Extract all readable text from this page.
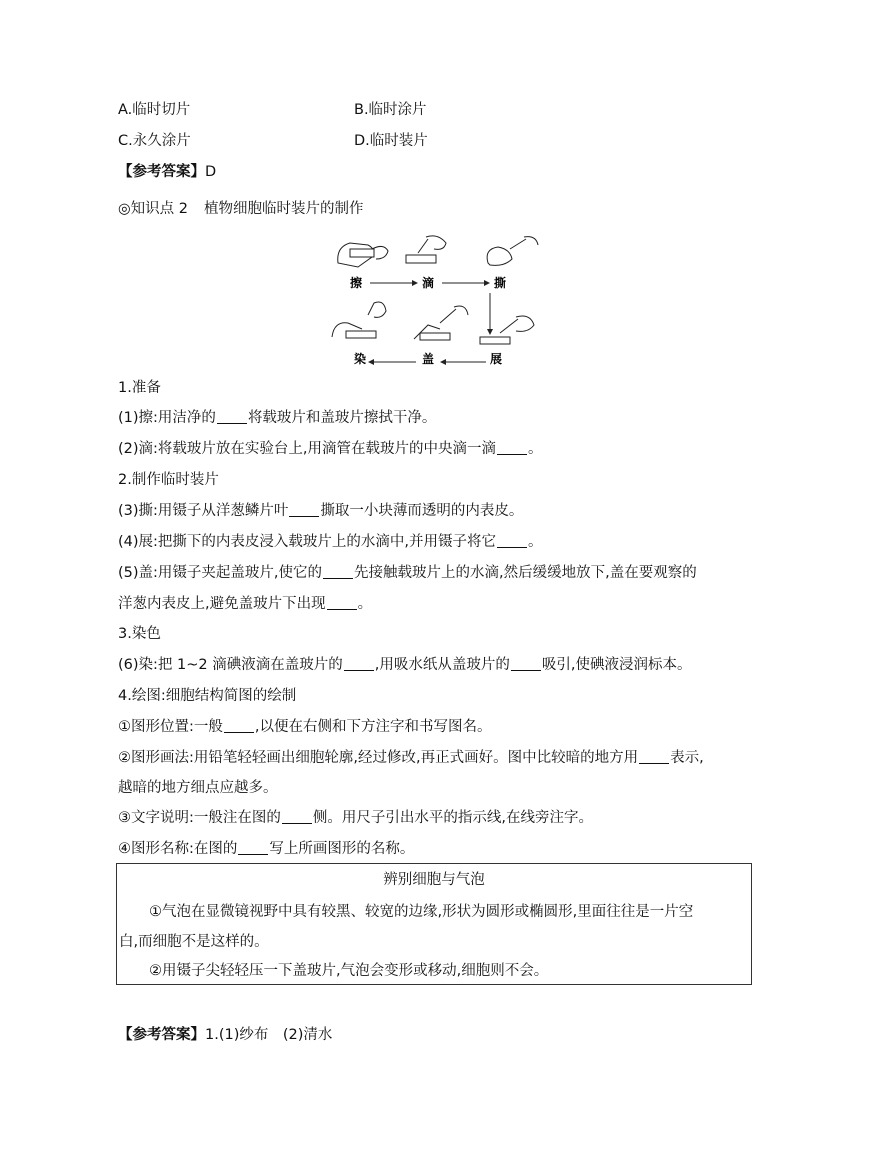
A.临时切片	B.临时涂片
C.永久涂片	D.临时装片
【参考答案】D
◎知识点 2 植物细胞临时装片的制作
擦	滴	撕
染	盖	展
1.准备
(1)擦:用洁净的 将载玻片和盖玻片擦拭干净。
(2)滴:将载玻片放在实验台上,用滴管在载玻片的中央滴一滴 。
2.制作临时装片
(3)撕:用镊子从洋葱鳞片叶 撕取一小块薄而透明的内表皮。
(4)展:把撕下的内表皮浸入载玻片上的水滴中,并用镊子将它 。
(5)盖:用镊子夹起盖玻片,使它的 先接触载玻片上的水滴,然后缓缓地放下,盖在要观察的
洋葱内表皮上,避免盖玻片下出现 。
3.染色
(6)染:把 1~2 滴碘液滴在盖玻片的 ,用吸水纸从盖玻片的 吸引,使碘液浸润标本。
4.绘图:细胞结构简图的绘制
①图形位置:一般 ,以便在右侧和下方注字和书写图名。
②图形画法:用铅笔轻轻画出细胞轮廓,经过修改,再正式画好。图中比较暗的地方用 表示,
越暗的地方细点应越多。
③文字说明:一般注在图的 侧。用尺子引出水平的指示线,在线旁注字。
④图形名称:在图的 写上所画图形的名称。
辨别细胞与气泡
①气泡在显微镜视野中具有较黑、较宽的边缘,形状为圆形或椭圆形,里面往往是一片空
白,而细胞不是这样的。
②用镊子尖轻轻压一下盖玻片,气泡会变形或移动,细胞则不会。
【参考答案】1.(1)纱布　(2)清水
